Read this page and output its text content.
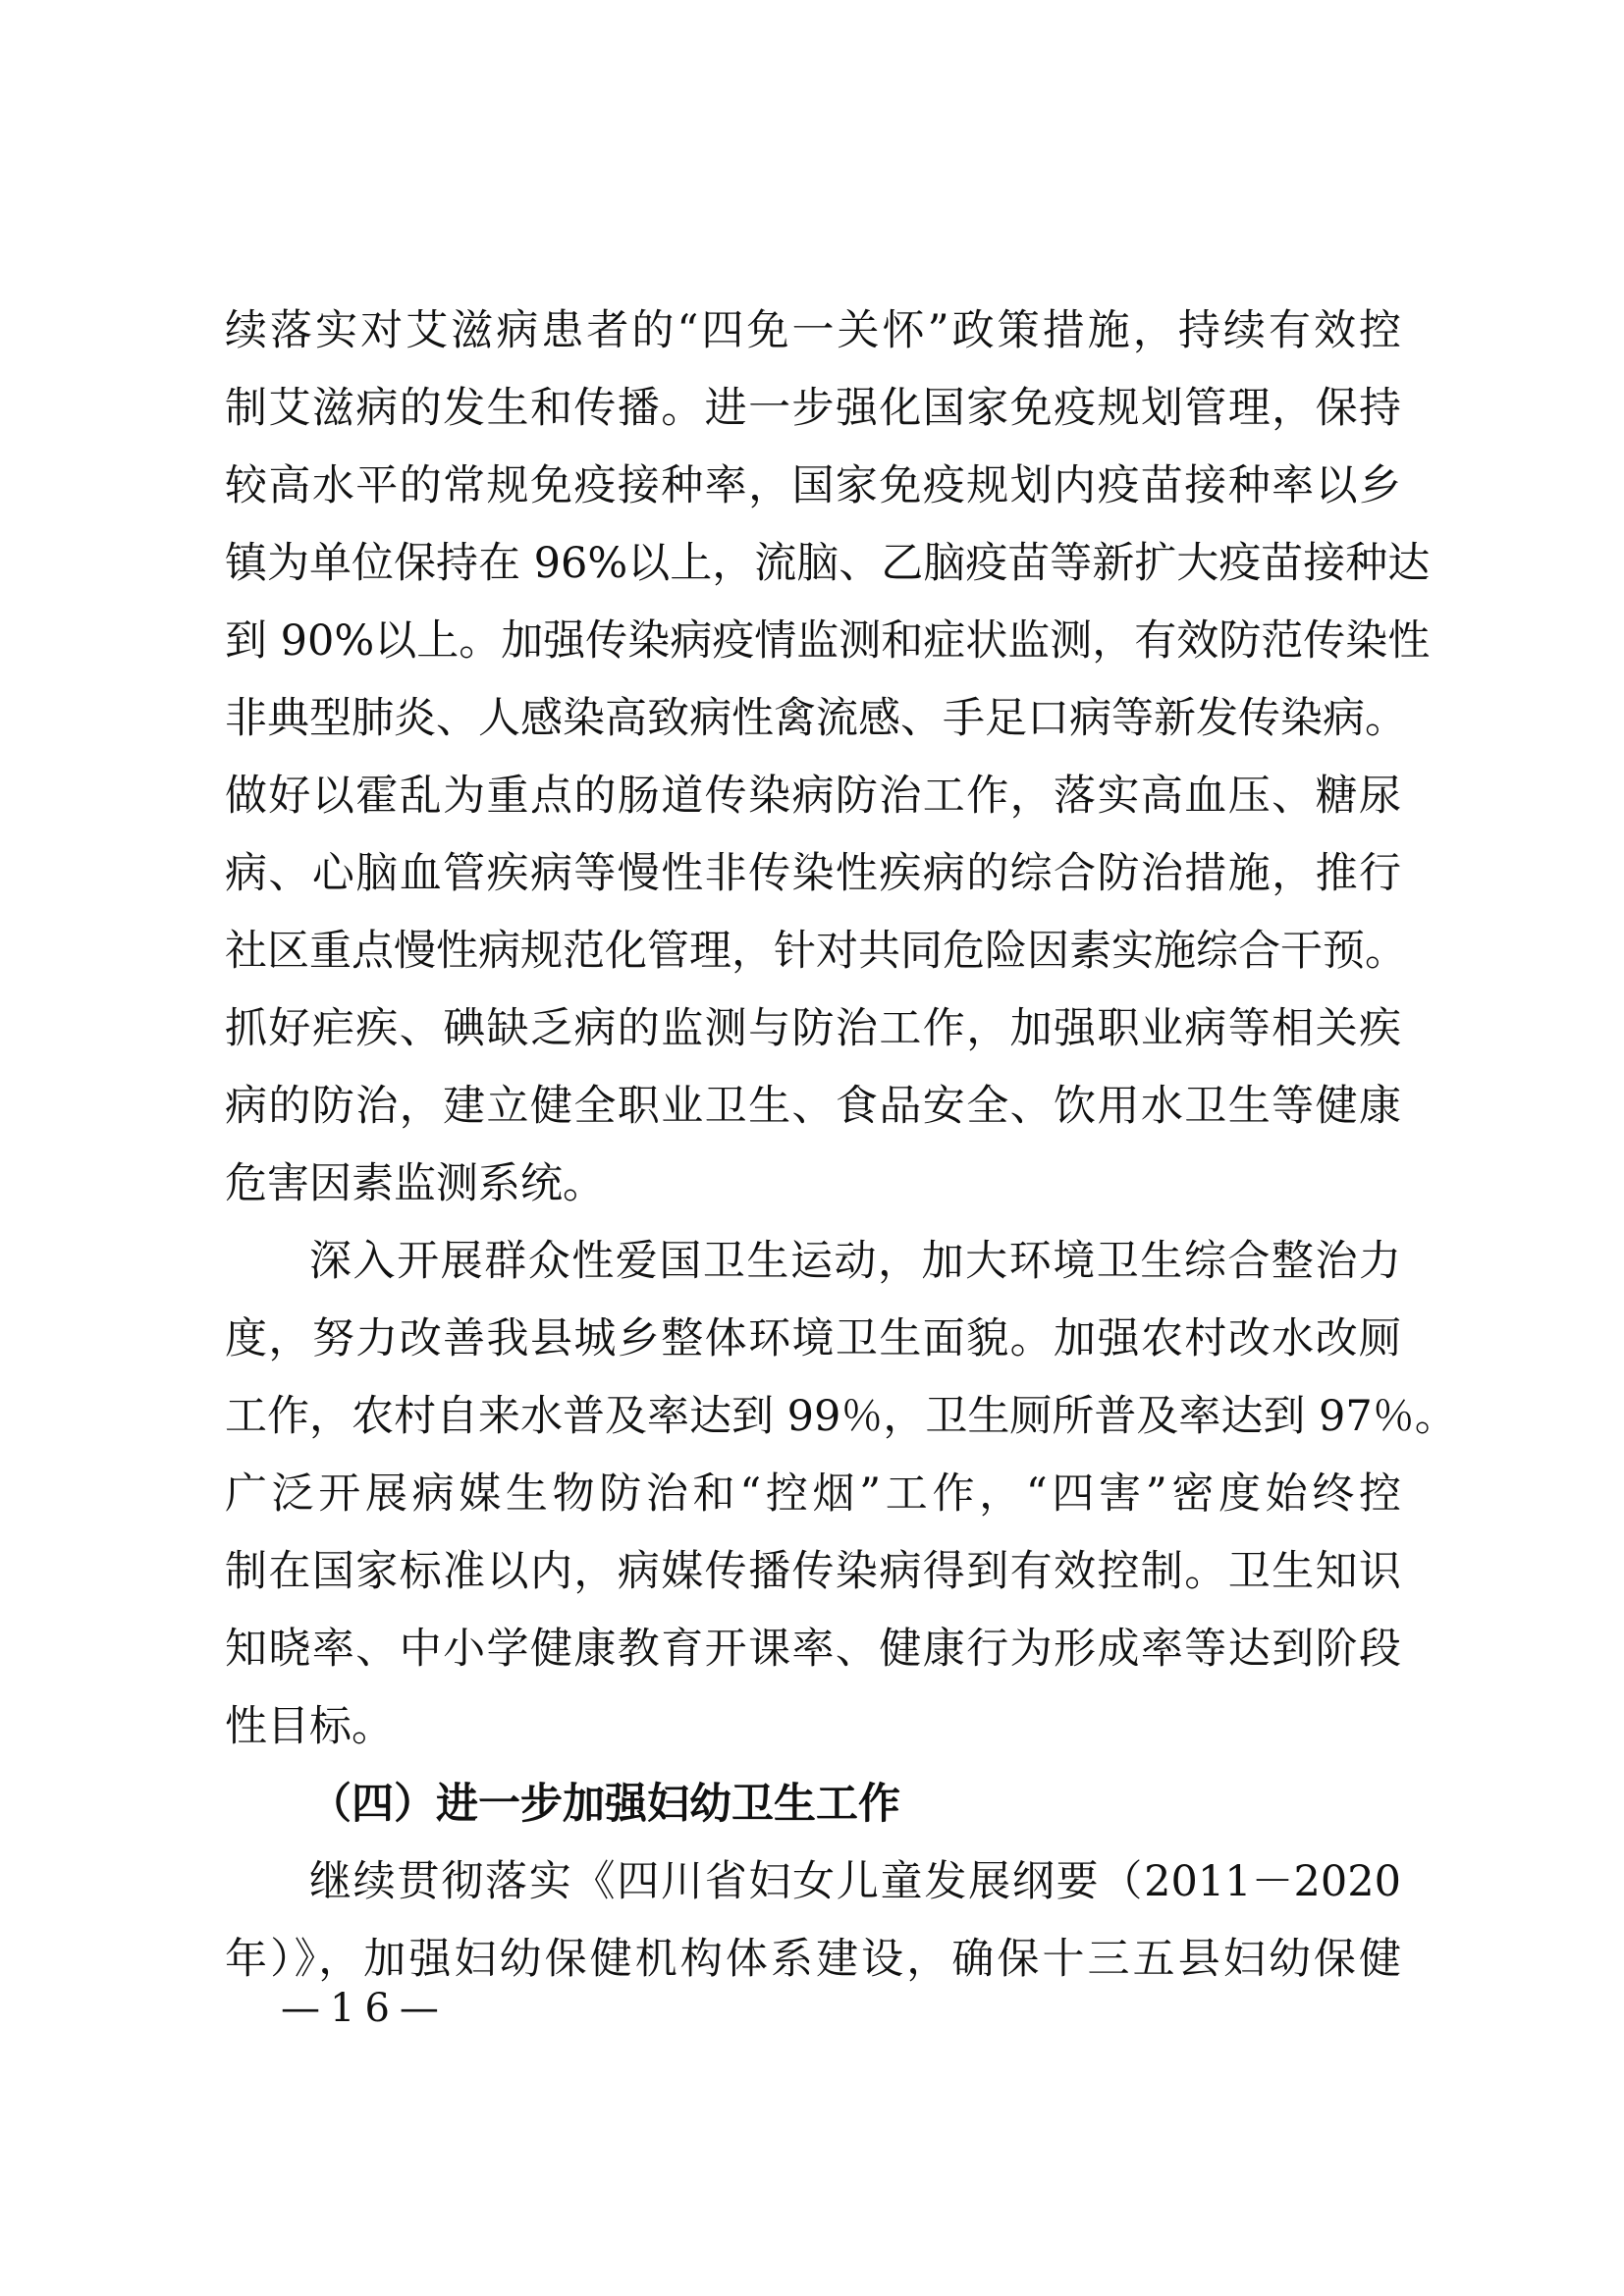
续落实对艾滋病患者的“四免一关怀”政策措施，持续有效控
制艾滋病的发生和传播。进一步强化国家免疫规划管理，保持
较高水平的常规免疫接种率，国家免疫规划内疫苗接种率以乡
镇为单位保持在 96%以上，流脑、乙脑疫苗等新扩大疫苗接种达
到 90%以上。加强传染病疫情监测和症状监测，有效防范传染性
非典型肺炎、人感染高致病性禽流感、手足口病等新发传染病。
做好以霍乱为重点的肠道传染病防治工作，落实高血压、糖尿
病、心脑血管疾病等慢性非传染性疾病的综合防治措施，推行
社区重点慢性病规范化管理，针对共同危险因素实施综合干预。
抓好疟疾、碘缺乏病的监测与防治工作，加强职业病等相关疾
病的防治，建立健全职业卫生、食品安全、饮用水卫生等健康
危害因素监测系统。
深入开展群众性爱国卫生运动，加大环境卫生综合整治力
度，努力改善我县城乡整体环境卫生面貌。加强农村改水改厕
工作，农村自来水普及率达到 99％，卫生厕所普及率达到 97％。
广泛开展病媒生物防治和“控烟”工作，“四害”密度始终控
制在国家标准以内，病媒传播传染病得到有效控制。卫生知识
知晓率、中小学健康教育开课率、健康行为形成率等达到阶段
性目标。
（四）进一步加强妇幼卫生工作
继续贯彻落实《四川省妇女儿童发展纲要（2011－2020
年）》，加强妇幼保健机构体系建设，确保十三五县妇幼保健
—16—
